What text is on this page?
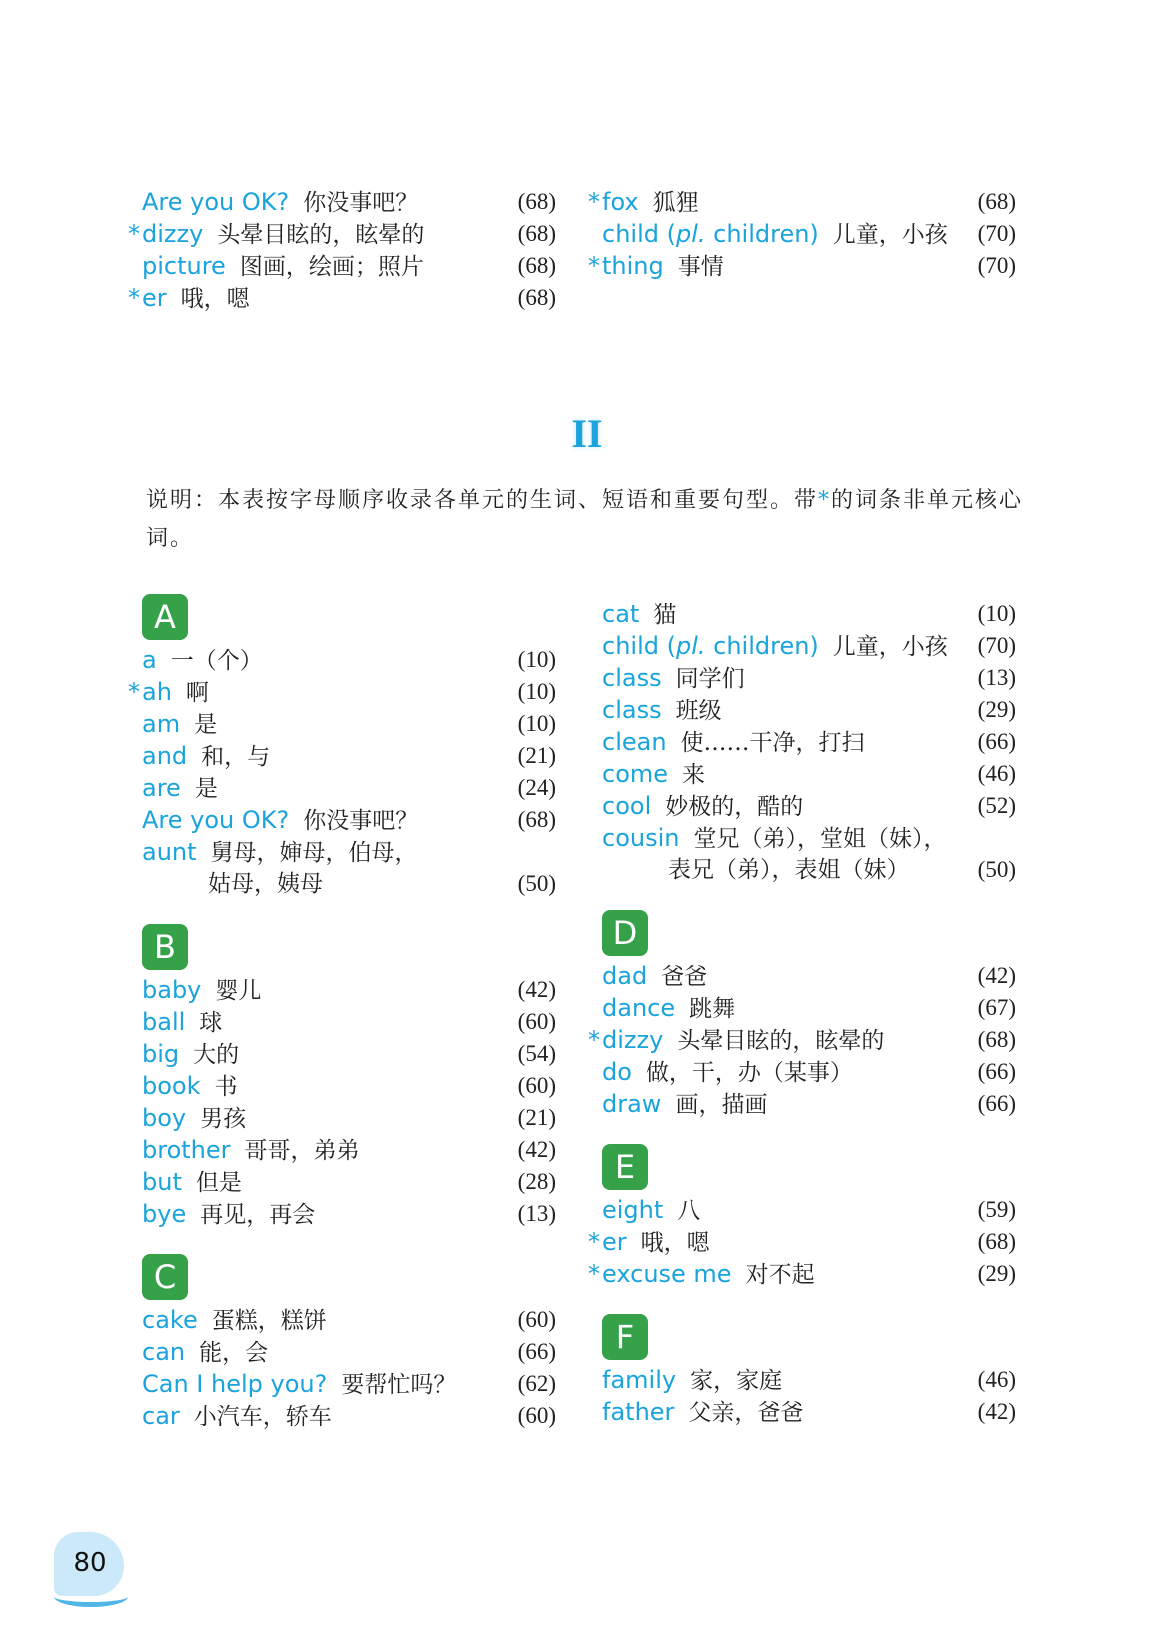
Are you OK? 你没事吧？	(68)
* dizzy 头晕目眩的，眩晕的	(68)
picture 图画，绘画；照片	(68)
* er 哦，嗯	(68)
* fox 狐狸	(68)
child (pl. children) 儿童，小孩 (70)
* thing 事情	(70)
II
说明：本表按字母顺序收录各单元的生词、短语和重要句型。带*的词条非单元核心词。
A
a 一（个）	(10)
* ah 啊	(10)
am 是	(10)
and 和，与	(21)
are 是	(24)
Are you OK? 你没事吧？	(68)
aunt 舅母，婶母，伯母，
姑母，姨母	(50)
B
baby 婴儿	(42)
ball 球	(60)
big 大的	(54)
book 书	(60)
boy 男孩	(21)
brother 哥哥，弟弟	(42)
but 但是	(28)
bye 再见，再会	(13)
C
cake 蛋糕，糕饼	(60)
can 能，会	(66)
Can I help you? 要帮忙吗？	(62)
car 小汽车，轿车	(60)
cat 猫	(10)
child (pl. children) 儿童，小孩 (70)
class 同学们	(13)
class 班级	(29)
clean 使……干净，打扫	(66)
come 来	(46)
cool 妙极的，酷的	(52)
cousin 堂兄（弟），堂姐（妹），
表兄（弟），表姐（妹）	(50)
D
dad 爸爸	(42)
dance 跳舞	(67)
* dizzy 头晕目眩的，眩晕的	(68)
do 做，干，办（某事）	(66)
draw 画，描画	(66)
E
eight 八	(59)
* er 哦，嗯	(68)
* excuse me 对不起	(29)
F
family 家，家庭	(46)
father 父亲，爸爸	(42)
80
